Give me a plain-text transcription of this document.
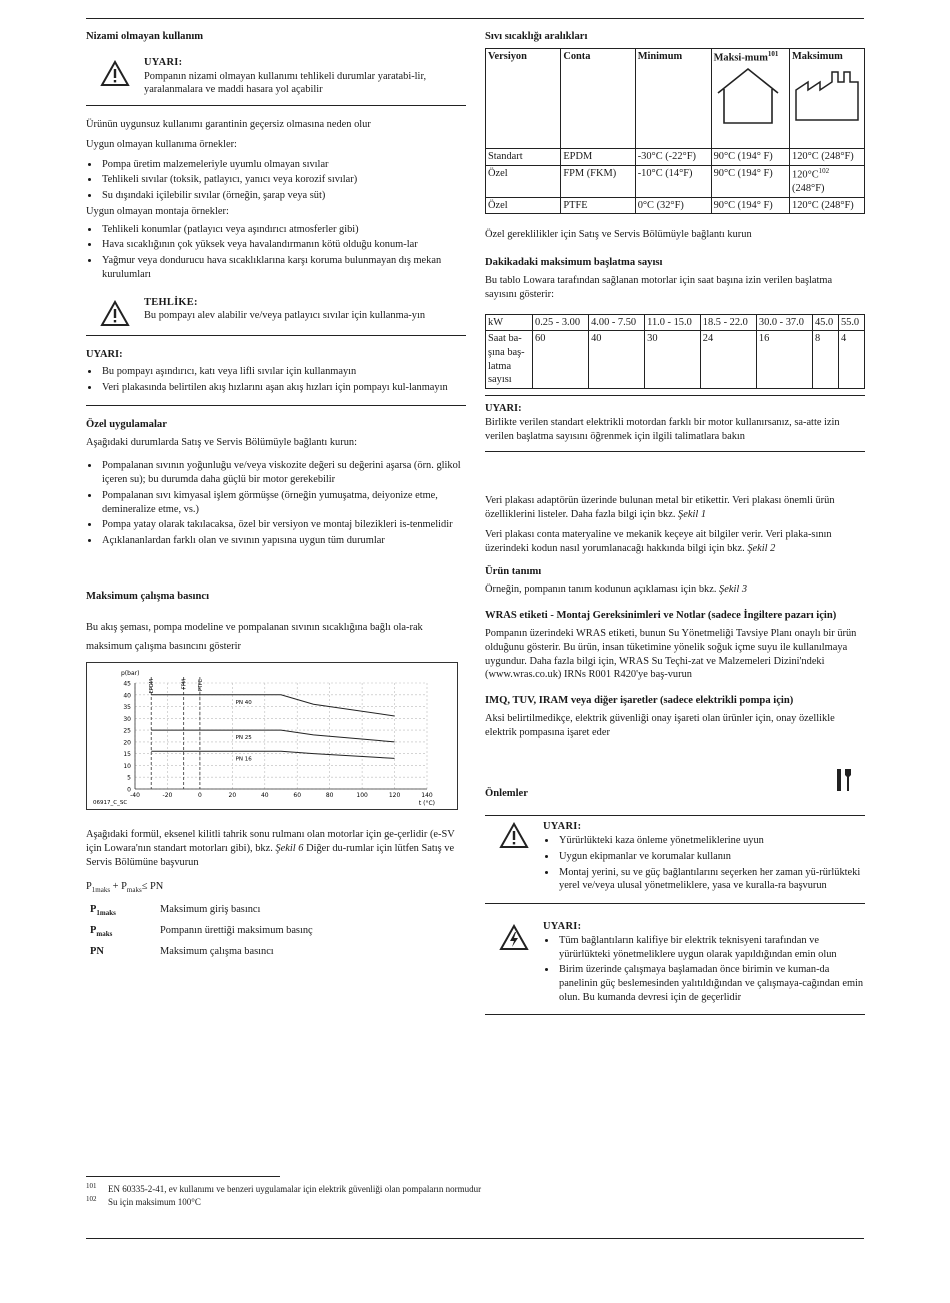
Nizami olmayan kullanım
UYARI:
Pompanın nizami olmayan kullanımı tehlikeli durumlar yaratabi-lir, yaralanmalara ve maddi hasara yol açabilir

Ürünün uygunsuz kullanımı garantinin geçersiz olmasına neden olur

Uygun olmayan kullanıma örnekler:

• Pompa üretim malzemeleriyle uyumlu olmayan sıvılar
• Tehlikeli sıvılar (toksik, patlayıcı, yanıcı veya korozif sıvılar)
• Su dışındaki içilebilir sıvılar (örneğin, şarap veya süt)

Uygun olmayan montaja örnekler:

• Tehlikeli konumlar (patlayıcı veya aşındırıcı atmosferler gibi)
• Hava sıcaklığının çok yüksek veya havalandırmanın kötü olduğu konum-lar
• Yağmur veya dondurucu hava sıcaklıklarına karşı koruma bulunmayan dış mekan kurulumları
TEHLİKE:
Bu pompayı alev alabilir ve/veya patlayıcı sıvılar için kullanma-yın
UYARI:
• Bu pompayı aşındırıcı, katı veya lifli sıvılar için kullanmayın
• Veri plakasında belirtilen akış hızlarını aşan akış hızları için pompayı kul-lanmayın
Özel uygulamalar

Aşağıdaki durumlarda Satış ve Servis Bölümüyle bağlantı kurun:

• Pompalanan sıvının yoğunluğu ve/veya viskozite değeri su değerini aşarsa (örn. glikol içeren su); bu durumda daha güçlü bir motor gerekebilir
• Pompalanan sıvı kimyasal işlem görmüşse (örneğin yumuşatma, deiyonize etme, demineralize etme, vs.)
• Pompa yatay olarak takılacaksa, özel bir versiyon ve montaj bilezikleri is-tenmelidir
• Açıklananlardan farklı olan ve sıvının yapısına uygun tüm durumlar
Maksimum çalışma basıncı

Bu akış şeması, pompa modeline ve pompalanan sıvının sıcaklığına bağlı ola-rak maksimum çalışma basıncını gösterir

0
5
10
15
20
25
30
35
40
45
-40	-20	0	20	40	60	80	100	120	140
p(bar)
t (°C)
06917_C_SC
EPDM	FPM PTFE
PN 40
PN 25
PN 16

Aşağıdaki formül, eksenel kilitli tahrik sonu rulmanı olan motorlar için ge-çerlidir (e-SV için Lowara'nın standart motorları gibi), bkz. Şekil 6 Diğer du-rumlar için lütfen Satış ve Servis Bölümüne başvurun

$P_{1maks} + P_{maks}\le$ PN

$P_{1maks}$	Maksimum giriş basıncı
$P_{maks}$	Pompanın ürettiği maksimum basınç
PN	Maksimum çalışma basıncı
Sıvı sıcaklığı aralıkları
Versiyon	Conta	Minimum	Maksi-mum$^{101}$	Maksimum

Standart	EPDM	-30°C (-22°F)	90°C (194° F)	120°C (248°F)
Özel	FPM (FKM)	-10°C (14°F)	90°C (194° F)	$120^\circ C^{102}$
(248°F)
Özel	PTFE	0°C (32°F)	90°C (194° F)	120°C (248°F)

Özel gereklilikler için Satış ve Servis Bölümüyle bağlantı kurun

Dakikadaki maksimum başlatma sayısı

Bu tablo Lowara tarafından sağlanan motorlar için saat başına izin verilen başlatma sayısını gösterir:

kW	0.25 - 3.00	4.00 - 7.50	11.0 - 15.0	18.5 - 22.0	30.0 - 37.0	45.0	55.0
Saat ba-şına baş-latma sayısı	60	40	30	24	16	8	4
UYARI:
Birlikte verilen standart elektrikli motordan farklı bir motor kullanırsanız, sa-atte izin verilen başlatma sayısını öğrenmek için ilgili talimatlara bakın

Veri plakası adaptörün üzerinde bulunan metal bir etikettir. Veri plakası önemli ürün özelliklerini listeler. Daha fazla bilgi için bkz. Şekil 1

Veri plakası conta materyaline ve mekanik keçeye ait bilgiler verir. Veri plaka-sının üzerindeki kodun nasıl yorumlanacağı hakkında bilgi için bkz. Şekil 2

Ürün tanımı

Örneğin, pompanın tanım kodunun açıklaması için bkz. Şekil 3

WRAS etiketi - Montaj Gereksinimleri ve Notlar (sadece İngiltere pazarı için)

Pompanın üzerindeki WRAS etiketi, bunun Su Yönetmeliği Tavsiye Planı onaylı bir ürün olduğunu gösterir. Bu ürün, insan tüketimine yönelik soğuk içme suyu ile kullanılmaya uygundur. Daha fazla bilgi için, WRAS Su Teçhi-zat ve Malzemeleri Dizini'ndeki (www.wras.co.uk) IRNs R001 R420'ye baş-vurun

IMQ, TUV, IRAM veya diğer işaretler (sadece elektrikli pompa için)

Aksi belirtilmedikçe, elektrik güvenliği onay işareti olan ürünler için, onay özellikle elektrik pompasına işaret eder

Önlemler
UYARI:
• Yürürlükteki kaza önleme yönetmeliklerine uyun
• Uygun ekipmanlar ve korumalar kullanın
• Montaj yerini, su ve güç bağlantılarını seçerken her zaman yü-rürlükteki yerel ve/veya ulusal yönetmeliklere, yasa ve kuralla-ra başvurun
UYARI:
• Tüm bağlantıların kalifiye bir elektrik teknisyeni tarafından ve yürürlükteki yönetmeliklere uygun olarak yapıldığından emin olun
• Birim üzerinde çalışmaya başlamadan önce birimin ve kuman-da panelinin güç beslemesinden yalıtıldığından ve çalışmaya-cağından emin olun. Bu kumanda devresi için de geçerlidir
$^{101}$ EN 60335-2-41, ev kullanımı ve benzeri uygulamalar için elektrik güvenliği olan pompaların normudur
$^{102}$ Su için maksimum 100°C
